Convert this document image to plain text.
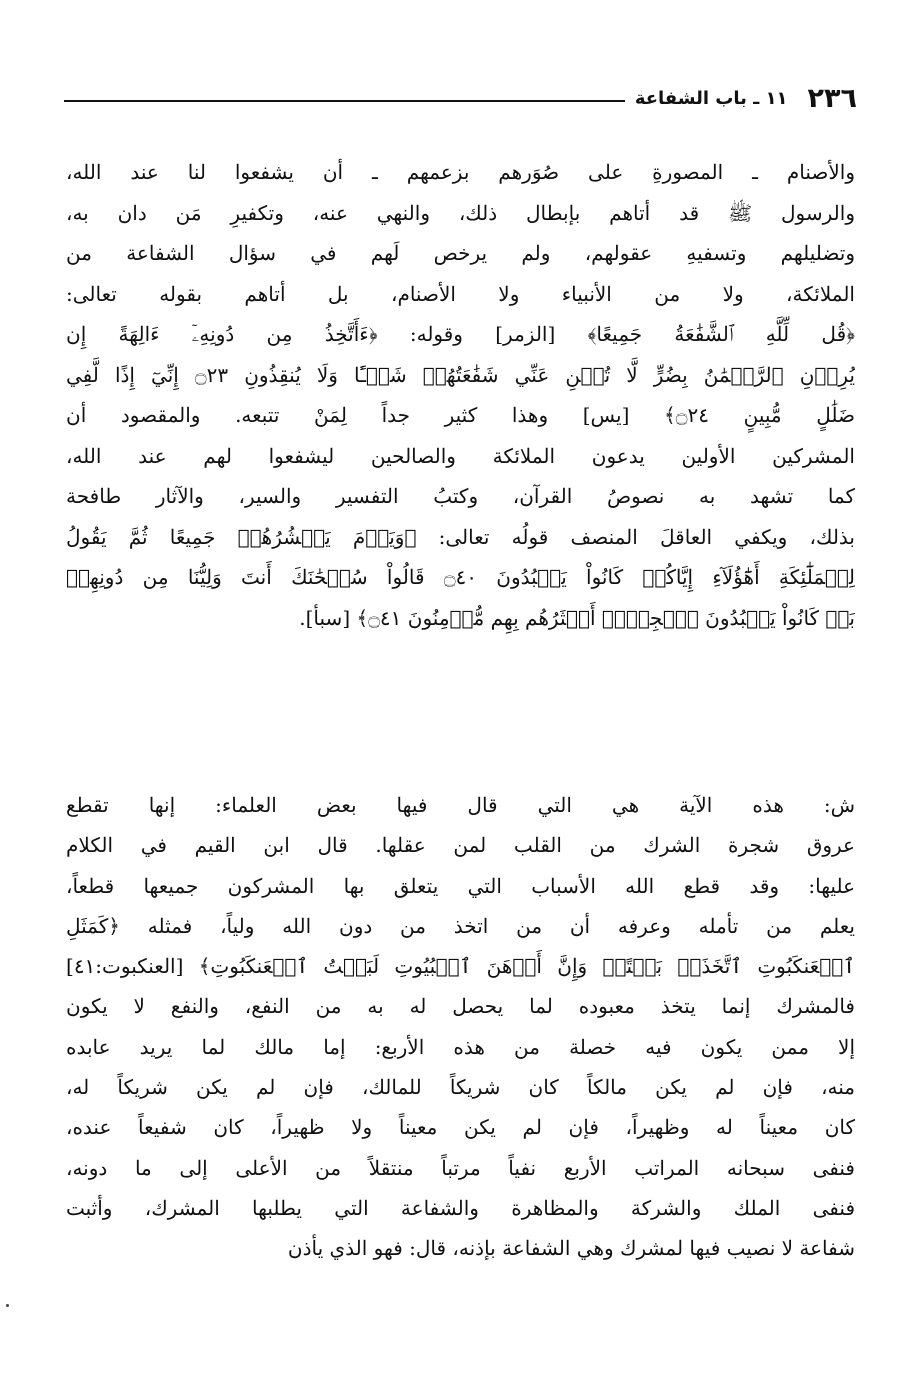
٢٣٦
١١ ـ باب الشفاعة
والأصنام ـ المصورةِ على صُوَرهم بزعمهم ـ أن يشفعوا لنا عند الله،
والرسول ﷺ قد أتاهم بإبطال ذلك، والنهي عنه، وتكفيرِ مَن دان به،
وتضليلهم وتسفيهِ عقولهم، ولم يرخص لَهم في سؤال الشفاعة من
الملائكة، ولا من الأنبياء ولا الأصنام، بل أتاهم بقوله تعالى:
﴿قُل لِّلَّهِ ٱلشَّفَٰعَةُ جَمِيعًا﴾ [الزمر] وقوله: ﴿ءَأَتَّخِذُ مِن دُونِهِۦٓ ءَالِهَةً إِن
يُرِدۡنِ ٱلرَّحۡمَٰنُ بِضُرٍّ لَّا تُغۡنِ عَنِّي شَفَٰعَتُهُمۡ شَيۡـًٔا وَلَا يُنقِذُونِ ۝٢٣ إِنِّيٓ إِذًا لَّفِي
ضَلَٰلٍ مُّبِينٍ ۝٢٤﴾ [يس] وهذا كثير جداً لِمَنْ تتبعه. والمقصود أن
المشركين الأولين يدعون الملائكة والصالحين ليشفعوا لهم عند الله،
كما تشهد به نصوصُ القرآن، وكتبُ التفسير والسير، والآثار طافحة
بذلك، ويكفي العاقلَ المنصف قولُه تعالى: ﴿وَيَوۡمَ يَحۡشُرُهُمۡ جَمِيعًا ثُمَّ يَقُولُ
لِلۡمَلَٰٓئِكَةِ أَهَٰٓؤُلَآءِ إِيَّاكُمۡ كَانُواْ يَعۡبُدُونَ ۝٤٠ قَالُواْ سُبۡحَٰنَكَ أَنتَ وَلِيُّنَا مِن دُونِهِمۖ
بَلۡ كَانُواْ يَعۡبُدُونَ ٱلۡجِنَّۖ أَكۡثَرُهُم بِهِم مُّؤۡمِنُونَ ۝٤١﴾ [سبأ].
ش: هذه الآية هي التي قال فيها بعض العلماء: إنها تقطع
عروق شجرة الشرك من القلب لمن عقلها. قال ابن القيم في الكلام
عليها: وقد قطع الله الأسباب التي يتعلق بها المشركون جميعها قطعاً،
يعلم من تأمله وعرفه أن من اتخذ من دون الله ولياً، فمثله ﴿كَمَثَلِ
ٱلۡعَنكَبُوتِ ٱتَّخَذَتۡ بَيۡتًاۖ وَإِنَّ أَوۡهَنَ ٱلۡبُيُوتِ لَبَيۡتُ ٱلۡعَنكَبُوتِ﴾ [العنكبوت:٤١]
فالمشرك إنما يتخذ معبوده لما يحصل له به من النفع، والنفع لا يكون
إلا ممن يكون فيه خصلة من هذه الأربع: إما مالك لما يريد عابده
منه، فإن لم يكن مالكاً كان شريكاً للمالك، فإن لم يكن شريكاً له،
كان معيناً له وظهيراً، فإن لم يكن معيناً ولا ظهيراً، كان شفيعاً عنده،
فنفى سبحانه المراتب الأربع نفياً مرتباً منتقلاً من الأعلى إلى ما دونه،
فنفى الملك والشركة والمظاهرة والشفاعة التي يطلبها المشرك، وأثبت
شفاعة لا نصيب فيها لمشرك وهي الشفاعة بإذنه، قال: فهو الذي يأذن
